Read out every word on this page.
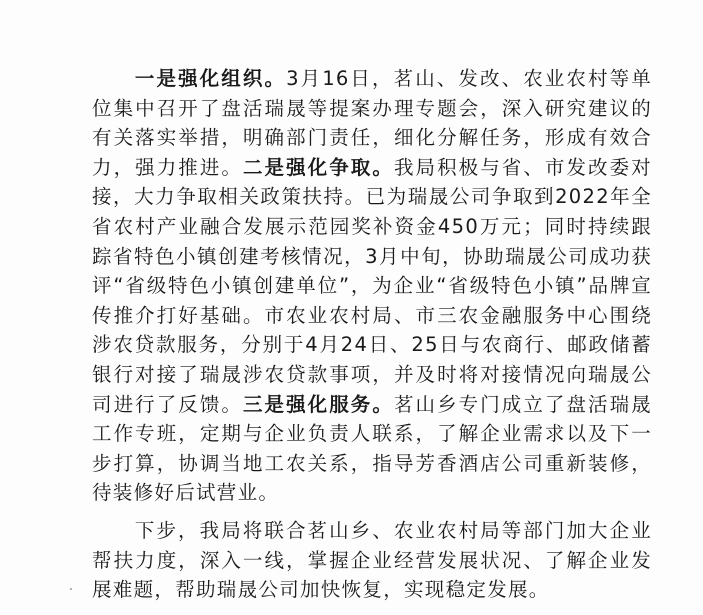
一是强化组织。3月16日，茗山、发改、农业农村等单位集中召开了盘活瑞晟等提案办理专题会，深入研究建议的有关落实举措，明确部门责任，细化分解任务，形成有效合力，强力推进。二是强化争取。我局积极与省、市发改委对接，大力争取相关政策扶持。已为瑞晟公司争取到2022年全省农村产业融合发展示范园奖补资金450万元；同时持续跟踪省特色小镇创建考核情况，3月中旬，协助瑞晟公司成功获评“省级特色小镇创建单位”，为企业“省级特色小镇”品牌宣传推介打好基础。市农业农村局、市三农金融服务中心围绕涉农贷款服务，分别于4月24日、25日与农商行、邮政储蓄银行对接了瑞晟涉农贷款事项，并及时将对接情况向瑞晟公司进行了反馈。三是强化服务。茗山乡专门成立了盘活瑞晟工作专班，定期与企业负责人联系，了解企业需求以及下一步打算，协调当地工农关系，指导芳香酒店公司重新装修，待装修好后试营业。

下步，我局将联合茗山乡、农业农村局等部门加大企业帮扶力度，深入一线，掌握企业经营发展状况、了解企业发展难题，帮助瑞晟公司加快恢复，实现稳定发展。
